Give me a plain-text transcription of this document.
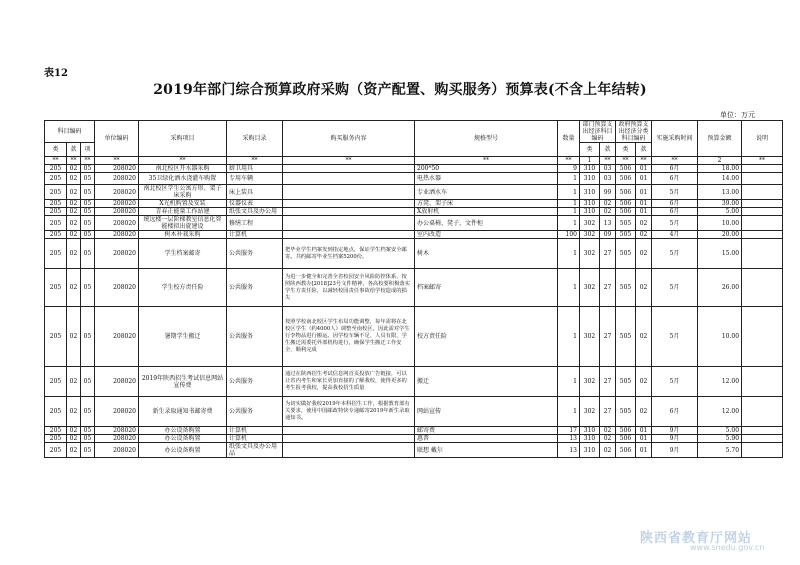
表12
2019年部门综合预算政府采购（资产配置、购买服务）预算表(不含上年结转)
单位：万元
科目编码			单位编码	采购项目	采购目录	购买服务内容	规格型号	数量	部门预算支出经济科目编码		政府预算支出经济分类科目编码		实施采购时间	预算金额	说明
类	款	项							类	款	类	款			
**	**	**	**	**	**	**	**	**	1	**	**	**	**	2	**
205	02	05	208020	南北校区开水器采购	厨卫用具		200*50	9	310	03	506	01	6月	18.00	
205	02	05	208020	35卫绿化洒水浇灌车购置	专用车辆		电热水器	1	310	03	506	01	6月	14.00	
205	02	05	208020	南北校区学生公寓方形、架子床采购	床上装具		专业洒水车	1	310	99	506	01	5月	13.00	
205	02	05	208020	X光机购置及安装	仪器仪表		方凳、架子床	1	310	02	506	01	6月	39.00	
205	02	05	208020	青春正能量工作站建	纸张文具及办公用		X放射机	1	310	02	506	01	6月	5.00	
205	02	05	208020	统远楼一层阶梯教室信息化智能楼拟出旋建设	修缮工程		办公桌椅、凳子、文件柜	1	302	13	505	02	5月	10.00	
205	02	05	208020	树木补栽采购	计算机		室内改造	100	302	09	505	02	4月	20.00	
205	02	05	208020	学生档案邮寄	公共服务	把毕业学生档案发到指定地点，保证学生档案安全邮寄。共约邮寄毕业生档案5200份。	树木	1	302	27	505	02	5月	15.00	
205	02	05	208020	学生校方责任险	公共服务	为进一步健全和完善全省校园安全风险防控体系，按照陕西教办[2018]23号文件精神，各高校要积极落实学生方责任险，以减轻校园责任事故给学校造成的损失	档案邮寄	1	302	27	505	02	5月	26.00	
205	02	05	208020	暑期学生搬迁	公共服务	按照学校南北校区学生布局功能调整，每年需将在北校区学生（约4000人）调整至南校区，因此需对学生行李物品进行搬运。因学校车辆不足、人员有限，学生搬迁需委托外部机构进行，确保学生搬迁工作安全、顺利完成	校方责任险	1	302	27	505	02	5月	10.00	
205	02	05	208020	2019年陕西招生考试信息网站宣传费	公共服务	通过在陕西招生考试信息网首页投放广告链接，可以让省内考生和家长更加直接的了解我校，使得更多的考生报考我校，提高我校招生质量	搬迁	1	302	27	505	02	5月	12.00	
205	02	05	208020	新生录取通知书邮寄费	公共服务	为切实做好我校2019年本科招生工作，根据教育部有关要求，使用中国邮政特快专递邮寄2019年新生录取通知书。	网站宣传	1	302	27	505	02	6月	12.00	
205	02	05	208020	办公设备购置	计算机		邮寄费	17	310	02	506	01	9月	5.00	
205	02	05	208020	办公设备购置	计算机		惠普	13	310	02	506	01	9月	5.90	
205	02	05	208020	办公设备购置	纸张文具及办公用品		联想 戴尔	13	310	02	506	01	9月	5.70	
陕西省教育厅网站
www.snedu.gov.cn
